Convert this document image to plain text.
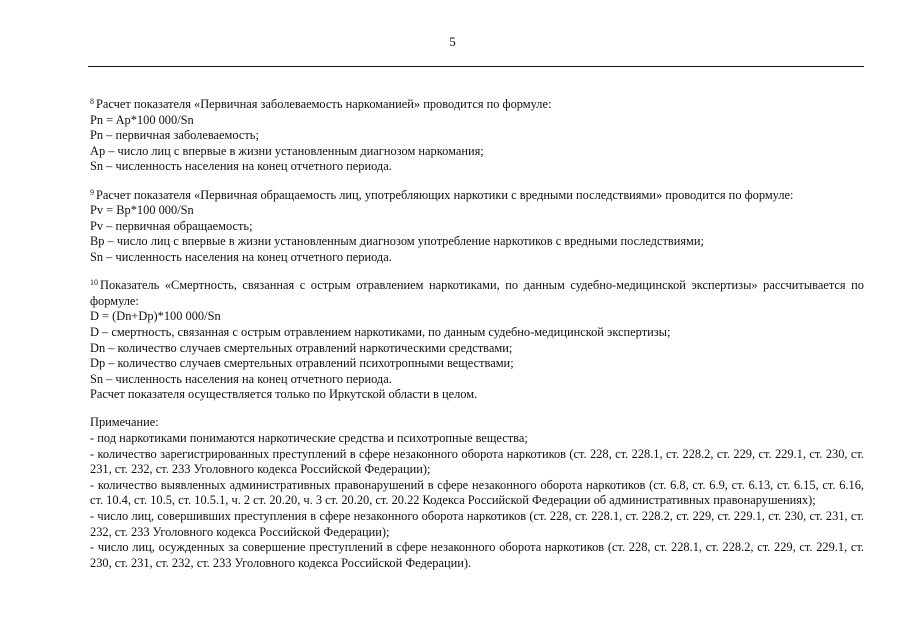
5

$^8$ Расчет показателя «Первичная заболеваемость наркоманией» проводится по формуле:

Pn = Ap*100 000/Sn

Pn – первичная заболеваемость;

Ap – число лиц с впервые в жизни установленным диагнозом наркомания;

Sn – численность населения на конец отчетного периода.

$^9$ Расчет показателя «Первичная обращаемость лиц, употребляющих наркотики с вредными последствиями» проводится по формуле:

Pv = Bp*100 000/Sn

Pv – первичная обращаемость;

Bp – число лиц с впервые в жизни установленным диагнозом употребление наркотиков с вредными последствиями;

Sn – численность населения на конец отчетного периода.

$^{10}$ Показатель «Смертность, связанная с острым отравлением наркотиками, по данным судебно-медицинской экспертизы» рассчитывается по формуле:

D = (Dn+Dp)*100 000/Sn

D – смертность, связанная с острым отравлением наркотиками, по данным судебно-медицинской экспертизы;

Dn – количество случаев смертельных отравлений наркотическими средствами;

Dp – количество случаев смертельных отравлений психотропными веществами;

Sn – численность населения на конец отчетного периода.

Расчет показателя осуществляется только по Иркутской области в целом.

Примечание:

- под наркотиками понимаются наркотические средства и психотропные вещества;

- количество зарегистрированных преступлений в сфере незаконного оборота наркотиков (ст. 228, ст. 228.1, ст. 228.2, ст. 229, ст. 229.1, ст. 230, ст. 231, ст. 232, ст. 233 Уголовного кодекса Российской Федерации);

- количество выявленных административных правонарушений в сфере незаконного оборота наркотиков (ст. 6.8, ст. 6.9, ст. 6.13, ст. 6.15, ст. 6.16, ст. 10.4, ст. 10.5, ст. 10.5.1, ч. 2 ст. 20.20, ч. 3 ст. 20.20, ст. 20.22 Кодекса Российской Федерации об административных правонарушениях);

- число лиц, совершивших преступления в сфере незаконного оборота наркотиков (ст. 228, ст. 228.1, ст. 228.2, ст. 229, ст. 229.1, ст. 230, ст. 231, ст. 232, ст. 233 Уголовного кодекса Российской Федерации);

- число лиц, осужденных за совершение преступлений в сфере незаконного оборота наркотиков (ст. 228, ст. 228.1, ст. 228.2, ст. 229, ст. 229.1, ст. 230, ст. 231, ст. 232, ст. 233 Уголовного кодекса Российской Федерации).
